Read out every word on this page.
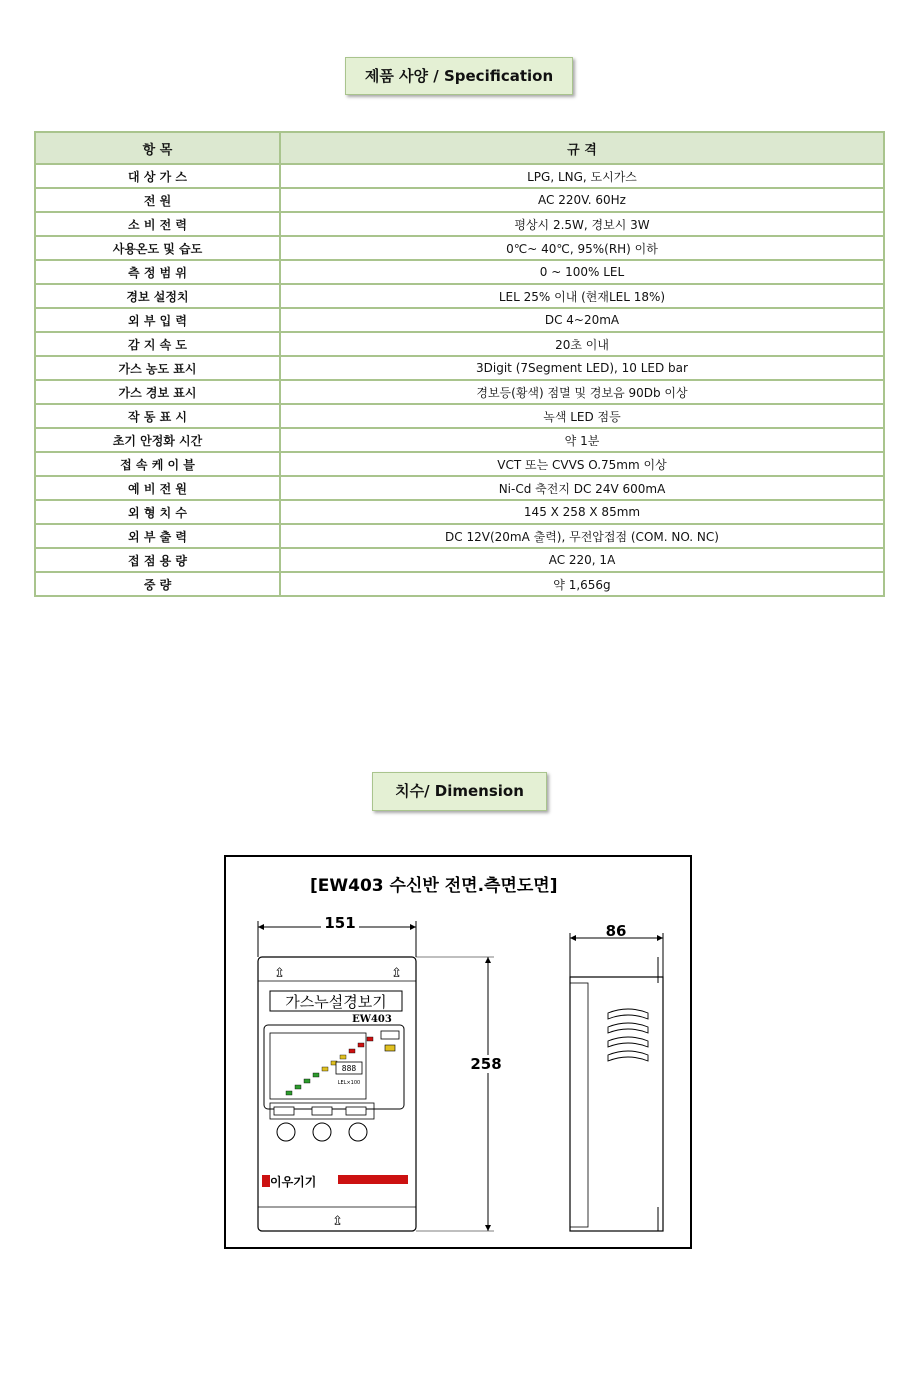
제품 사양 / Specification
항 목	규 격
대 상 가 스	LPG, LNG, 도시가스
전 원	AC 220V. 60Hz
소 비 전 력	평상시 2.5W, 경보시 3W
사용온도 및 습도	0℃~ 40℃, 95%(RH) 이하
측 정 범 위	0 ~ 100% LEL
경보 설정치	LEL 25% 이내 (현재LEL 18%)
외 부 입 력	DC 4~20mA
감 지 속 도	20초 이내
가스 농도 표시	3Digit (7Segment LED), 10 LED bar
가스 경보 표시	경보등(황색) 점멸 및 경보음 90Db 이상
작 동 표 시	녹색 LED 점등
초기 안정화 시간	약 1분
접 속 케 이 블	VCT 또는 CVVS O.75mm 이상
예 비 전 원	Ni-Cd 축전지 DC 24V 600mA
외 형 치 수	145 X 258 X 85mm
외 부 출 력	DC 12V(20mA 출력), 무전압접점 (COM. NO. NC)
접 점 용 량	AC 220, 1A
중 량	약 1,656g
치수/ Dimension
[EW403 수신반 전면.측면도면]
151
⇫	⇫
⇫
가스누설경보기
EW403
888
LEL×100
이우기기
258
86
